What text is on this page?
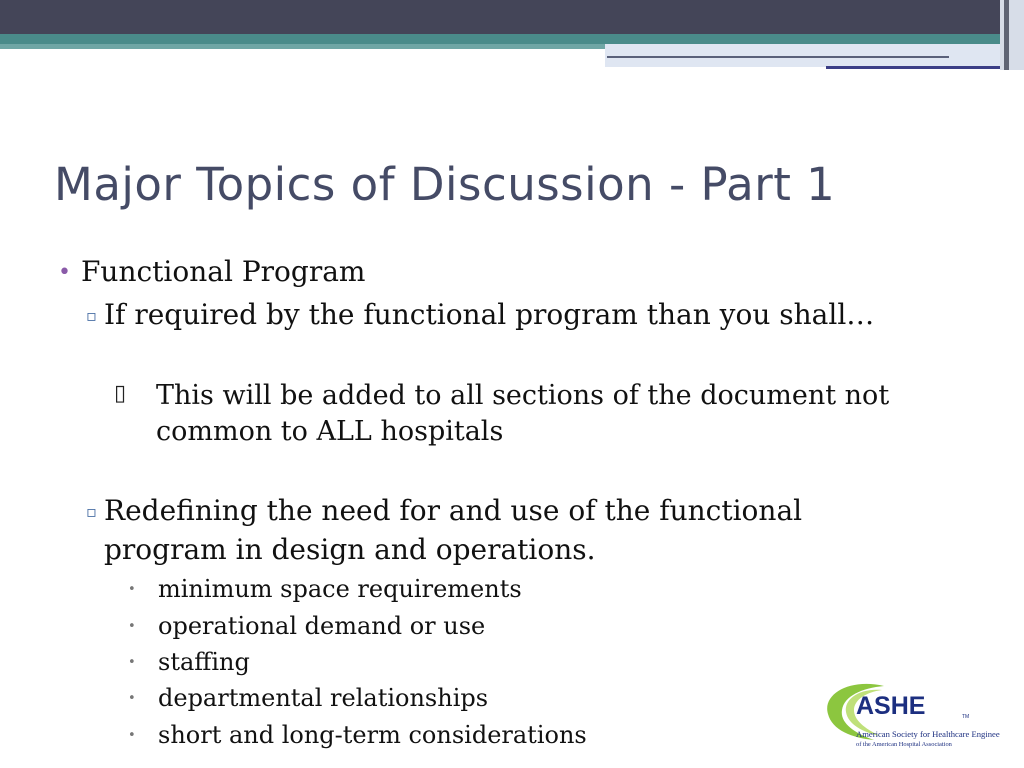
Major Topics of Discussion - Part 1
• Functional Program
▫ If required by the functional program than you shall…
▯ This will be added to all sections of the document not
common to ALL hospitals
▫ Redefining the need for and use of the functional
program in design and operations.
• minimum space requirements
• operational demand or use
• staffing
• departmental relationships
• short and long-term considerations
ASHE	TM
American Society for Healthcare Engineering
of the American Hospital Association
